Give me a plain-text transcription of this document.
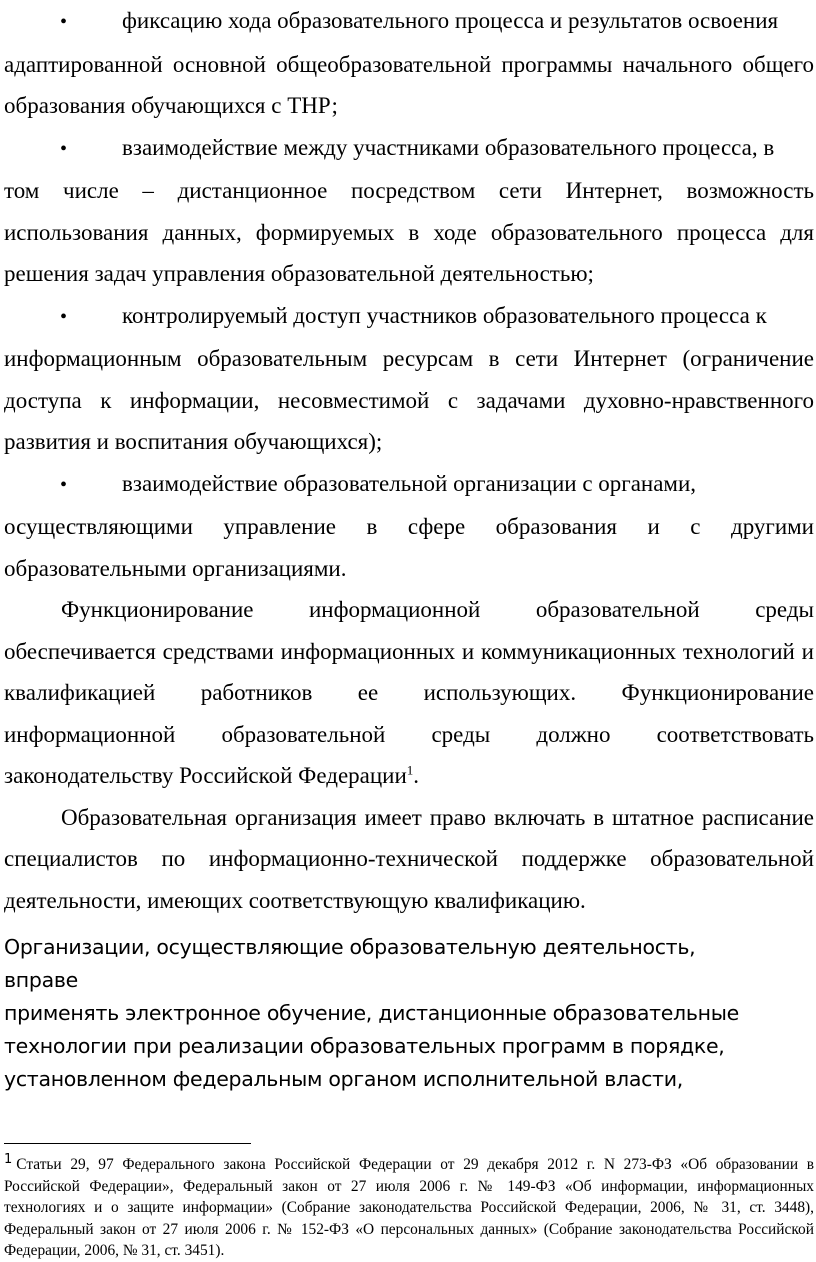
•	фиксацию хода образовательного процесса и результатов освоения

адаптированной основной общеобразовательной программы начального общего образования обучающихся с ТНР;

•	взаимодействие между участниками образовательного процесса, в

том числе – дистанционное посредством сети Интернет, возможность использования данных, формируемых в ходе образовательного процесса для решения задач управления образовательной деятельностью;

•	контролируемый доступ участников образовательного процесса к

информационным образовательным ресурсам в сети Интернет (ограничение доступа к информации, несовместимой с задачами духовно-нравственного развития и воспитания обучающихся);

•	взаимодействие образовательной организации с органами,

осуществляющими управление в сфере образования и с другими образовательными организациями.

Функционирование информационной образовательной среды обеспечивается средствами информационных и коммуникационных технологий и квалификацией работников ее использующих. Функционирование информационной образовательной среды должно соответствовать законодательству Российской Федерации$^1$.

Образовательная организация имеет право включать в штатное расписание специалистов по информационно-технической поддержке образовательной деятельности, имеющих соответствующую квалификацию.

Организации, осуществляющие образовательную деятельность, вправе
применять электронное обучение, дистанционные образовательные
технологии при реализации образовательных программ в порядке,
установленном федеральным органом исполнительной власти,
$^1$ Статьи 29, 97 Федерального закона Российской Федерации от 29 декабря 2012 г. N 273-ФЗ «Об образовании в Российской Федерации», Федеральный закон от 27 июля 2006 г. № 149-ФЗ «Об информации, информационных технологиях и о защите информации» (Собрание законодательства Российской Федерации, 2006, № 31, ст. 3448), Федеральный закон от 27 июля 2006 г. № 152-ФЗ «О персональных данных» (Собрание законодательства Российской Федерации, 2006, № 31, ст. 3451).
